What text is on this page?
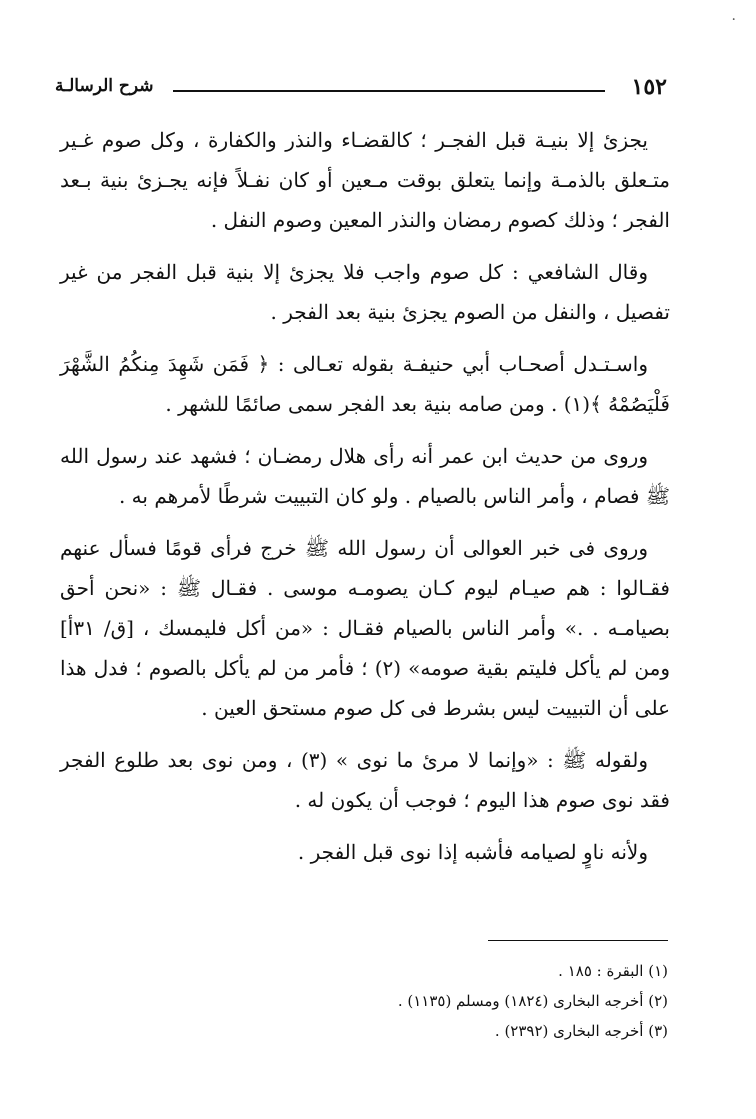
·
١٥٢
شرح الرسالـة

يجزئ إلا بنيـة قبل الفجـر ؛ كالقضـاء والنذر والكفارة ، وكل صوم غـير متـعلق بالذمـة وإنما يتعلق بوقت مـعين أو كان نفـلاً فإنه يجـزئ بنية بـعد الفجر ؛ وذلك كصوم رمضان والنذر المعين وصوم النفل .

وقال الشافعي : كل صوم واجب فلا يجزئ إلا بنية قبل الفجر من غير تفصيل ، والنفل من الصوم يجزئ بنية بعد الفجر .

واسـتـدل أصحـاب أبي حنيفـة بقوله تعـالى : ﴿ فَمَن شَهِدَ مِنكُمُ الشَّهْرَ فَلْيَصُمْهُ ﴾(١) . ومن صامه بنية بعد الفجر سمى صائمًا للشهر .

وروى من حديث ابن عمر أنه رأى هلال رمضـان ؛ فشهد عند رسول الله ﷺ فصام ، وأمر الناس بالصيام . ولو كان التبييت شرطًا لأمرهم به .

وروى فى خبر العوالى أن رسول الله ﷺ خرج فرأى قومًا فسأل عنهم فقـالوا : هم صيـام ليوم كـان يصومـه موسى . فقـال ﷺ : «نحن أحق بصيامـه . .» وأمر الناس بالصيام فقـال : «من أكل فليمسك ، [ق/ ٣١أ] ومن لم يأكل فليتم بقية صومه» (٢) ؛ فأمر من لم يأكل بالصوم ؛ فدل هذا على أن التبييت ليس بشرط فى كل صوم مستحق العين .

ولقوله ﷺ : «وإنما لا مرئ ما نوى » (٣) ، ومن نوى بعد طلوع الفجر فقد نوى صوم هذا اليوم ؛ فوجب أن يكون له .

ولأنه ناوٍ لصيامه فأشبه إذا نوى قبل الفجر .

(١) البقرة : ١٨٥ .
(٢) أخرجه البخارى (١٨٢٤) ومسلم (١١٣٥) .
(٣) أخرجه البخارى (٢٣٩٢) .
